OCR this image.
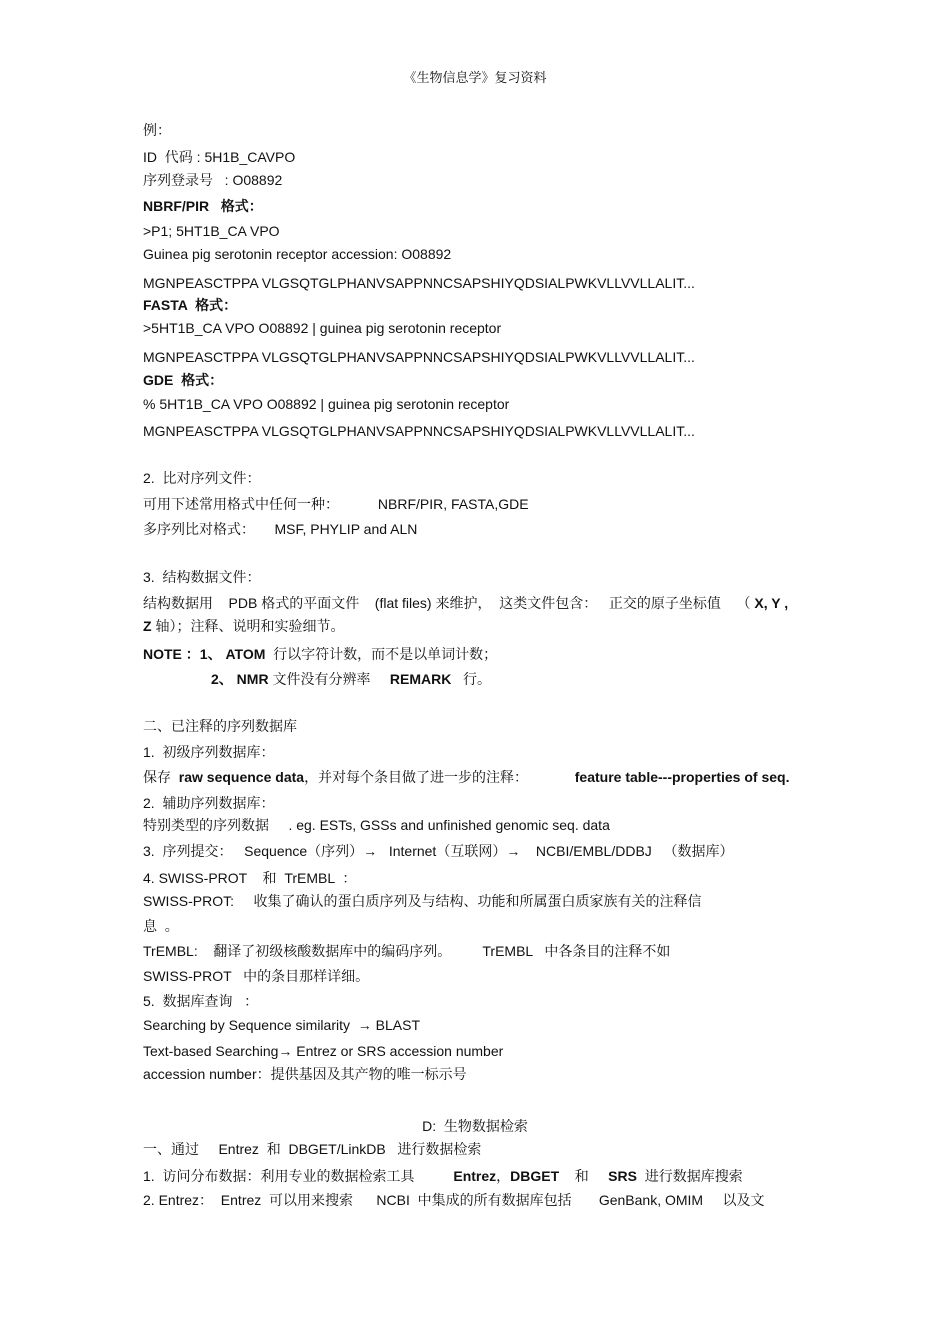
《生物信息学》复习资料
例：
ID  代码 : 5H1B_CAVPO
序列登录号   : O08892
NBRF/PIR   格式：
>P1; 5HT1B_CA VPO
Guinea pig serotonin receptor accession: O08892
MGNPEASCTPPA VLGSQTGLPHANVSAPPNNCSAPSHIYQDSIALPWKVLLVVLLALIT...
FASTA  格式：
>5HT1B_CA VPO O08892 | guinea pig serotonin receptor
MGNPEASCTPPA VLGSQTGLPHANVSAPPNNCSAPSHIYQDSIALPWKVLLVVLLALIT...
GDE  格式：
% 5HT1B_CA VPO O08892 | guinea pig serotonin receptor
MGNPEASCTPPA VLGSQTGLPHANVSAPPNNCSAPSHIYQDSIALPWKVLLVVLLALIT...
2.  比对序列文件：
可用下述常用格式中任何一种：          NBRF/PIR, FASTA,GDE
多序列比对格式：     MSF, PHYLIP and ALN
3.  结构数据文件：
结构数据用    PDB 格式的平面文件    (flat files) 来维护，  这类文件包含：   正交的原子坐标值    （ X, Y ,
Z 轴）；注释、说明和实验细节。
NOTE ：1、 ATOM  行以字符计数，而不是以单词计数；
2、 NMR 文件没有分辨率     REMARK   行。
二、已注释的序列数据库
1.  初级序列数据库：
保存  raw sequence data，并对每个条目做了进一步的注释：            feature table---properties of seq.
2.  辅助序列数据库：
特别类型的序列数据     . eg. ESTs, GSSs and unfinished genomic seq. data
3.  序列提交：   Sequence（序列）→   Internet（互联网）→    NCBI/EMBL/DDBJ   （数据库）
4. SWISS-PROT    和  TrEMBL  ：
SWISS-PROT:     收集了确认的蛋白质序列及与结构、功能和所属蛋白质家族有关的注释信
息  。
TrEMBL:    翻译了初级核酸数据库中的编码序列。        TrEMBL   中各条目的注释不如
SWISS-PROT   中的条目那样详细。
5.  数据库查询   ：
Searching by Sequence similarity  → BLAST
Text-based Searching→ Entrez or SRS accession number
accession number：提供基因及其产物的唯一标示号
D:  生物数据检索
一、通过     Entrez  和  DBGET/LinkDB   进行数据检索
1.  访问分布数据：利用专业的数据检索工具          Entrez，DBGET    和     SRS  进行数据库搜索
2. Entrez：  Entrez  可以用来搜索      NCBI  中集成的所有数据库包括       GenBank, OMIM     以及文
